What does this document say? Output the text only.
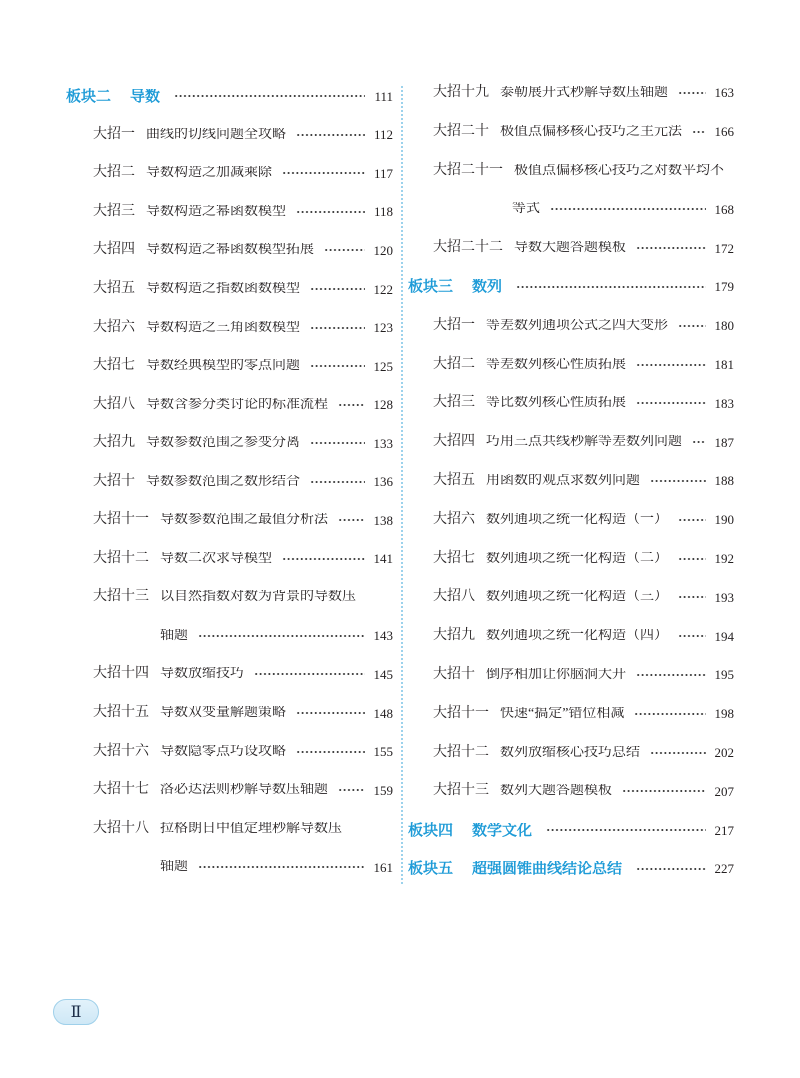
板块二 导数	111
大招一 曲线的切线问题全攻略	112
大招二 导数构造之加减乘除	117
大招三 导数构造之幂函数模型	118
大招四 导数构造之幂函数模型拓展	120
大招五 导数构造之指数函数模型	122
大招六 导数构造之三角函数模型	123
大招七 导数经典模型的零点问题	125
大招八 导数含参分类讨论的标准流程	128
大招九 导数参数范围之参变分离	133
大招十 导数参数范围之数形结合	136
大招十一 导数参数范围之最值分析法	138
大招十二 导数二次求导模型	141
大招十三 以自然指数对数为背景的导数压
轴题	143
大招十四 导数放缩技巧	145
大招十五 导数双变量解题策略	148
大招十六 导数隐零点巧设攻略	155
大招十七 洛必达法则秒解导数压轴题	159
大招十八 拉格朗日中值定理秒解导数压
轴题	161
大招十九 泰勒展开式秒解导数压轴题	163
大招二十 极值点偏移核心技巧之主元法	166
大招二十一 极值点偏移核心技巧之对数平均不
等式	168
大招二十二 导数大题答题模板	172
板块三 数列	179
大招一 等差数列通项公式之四大变形	180
大招二 等差数列核心性质拓展	181
大招三 等比数列核心性质拓展	183
大招四 巧用三点共线秒解等差数列问题	187
大招五 用函数的观点求数列问题	188
大招六 数列通项之统一化构造（一）	190
大招七 数列通项之统一化构造（二）	192
大招八 数列通项之统一化构造（三）	193
大招九 数列通项之统一化构造（四）	194
大招十 倒序相加让你脑洞大开	195
大招十一 快速“搞定”错位相减	198
大招十二 数列放缩核心技巧总结	202
大招十三 数列大题答题模板	207
板块四 数学文化	217
板块五 超强圆锥曲线结论总结	227
Ⅱ
